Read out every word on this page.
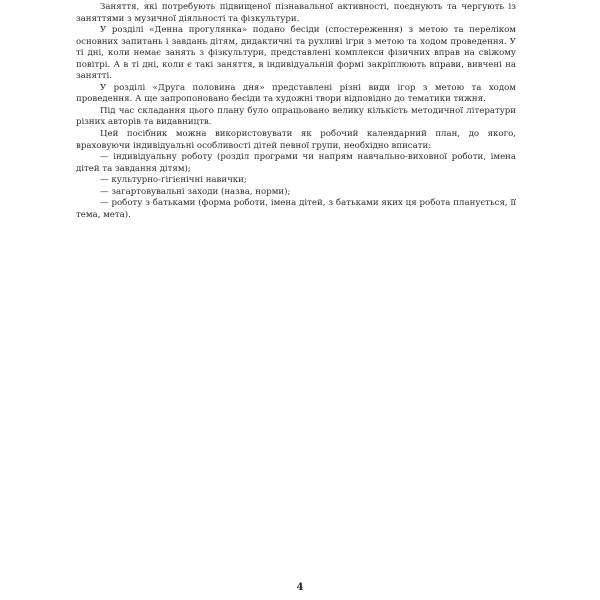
Заняття, які потребують підвищеної пізнавальної активності, поєднують та чергують із заняттями з музичної діяльності та фізкультури.

У розділі «Денна прогулянка» подано бесіди (спостереження) з метою та переліком основних запитань і завдань дітям, дидактичні та рухливі ігри з метою та ходом проведення. У ті дні, коли немає занять з фізкультури, представлені комплекси фізичних вправ на свіжому повітрі. А в ті дні, коли є такі заняття, в індивідуальній формі закріплюють вправи, вивчені на занятті.

У розділі «Друга половина дня» представлені різні види ігор з метою та ходом проведення. А ще запропоновано бесіди та художні твори відповідно до тематики тижня.

Під час складання цього плану було опрацьовано велику кількість методичної літератури різних авторів та видавництв.

Цей посібник можна використовувати як робочий календарний план, до якого, враховуючи індивідуальні особливості дітей певної групи, необхідно вписати:

— індивідуальну роботу (розділ програми чи напрям навчально-виховної роботи, імена дітей та завдання дітям);

— культурно-гігієнічні навички;

— загартовувальні заходи (назва, норми);

— роботу з батьками (форма роботи, імена дітей, з батьками яких ця робота планується, її тема, мета).

4
